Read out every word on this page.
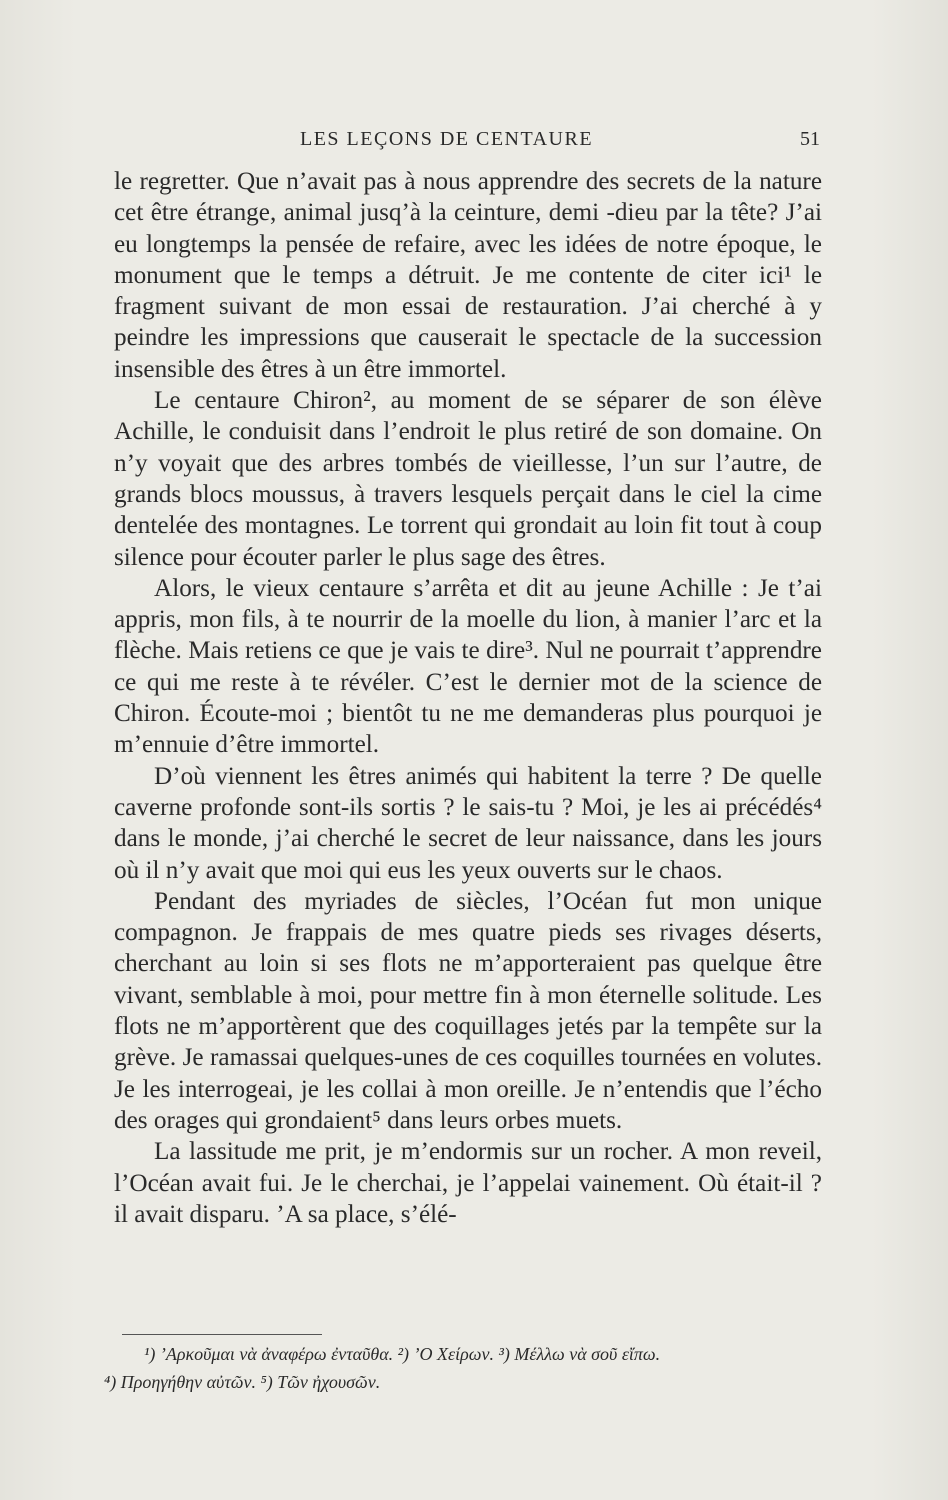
LES LEÇONS DE CENTAURE	51

le regretter. Que n’avait pas à nous apprendre des secrets de la nature cet être étrange, animal jusq’à la ceinture, demi -dieu par la tête? J’ai eu longtemps la pensée de refaire, avec les idées de notre époque, le monument que le temps a détruit. Je me contente de citer ici¹ le fragment suivant de mon essai de restauration. J’ai cherché à y peindre les impressions que causerait le spectacle de la succession insensible des êtres à un être immortel.

Le centaure Chiron², au moment de se séparer de son élève Achille, le conduisit dans l’endroit le plus retiré de son domaine. On n’y voyait que des arbres tombés de vieillesse, l’un sur l’autre, de grands blocs moussus, à travers lesquels perçait dans le ciel la cime dentelée des montagnes. Le torrent qui grondait au loin fit tout à coup silence pour écouter parler le plus sage des êtres.

Alors, le vieux centaure s’arrêta et dit au jeune Achille : Je t’ai appris, mon fils, à te nourrir de la moelle du lion, à manier l’arc et la flèche. Mais retiens ce que je vais te dire³. Nul ne pourrait t’apprendre ce qui me reste à te révéler. C’est le dernier mot de la science de Chiron. Écoute-moi ; bientôt tu ne me demanderas plus pourquoi je m’ennuie d’être immortel.

D’où viennent les êtres animés qui habitent la terre ? De quelle caverne profonde sont-ils sortis ? le sais-tu ? Moi, je les ai précédés⁴ dans le monde, j’ai cherché le secret de leur naissance, dans les jours où il n’y avait que moi qui eus les yeux ouverts sur le chaos.

Pendant des myriades de siècles, l’Océan fut mon unique compagnon. Je frappais de mes quatre pieds ses rivages déserts, cherchant au loin si ses flots ne m’apporteraient pas quelque être vivant, semblable à moi, pour mettre fin à mon éternelle solitude. Les flots ne m’apportèrent que des coquillages jetés par la tempête sur la grève. Je ramassai quelques-unes de ces coquilles tournées en volutes. Je les interrogeai, je les collai à mon oreille. Je n’entendis que l’écho des orages qui grondaient⁵ dans leurs orbes muets.

La lassitude me prit, je m’endormis sur un rocher. A mon reveil, l’Océan avait fui. Je le cherchai, je l’appelai vainement. Où était-il ? il avait disparu. ’A sa place, s’élé-

¹) ’Αρκοῦμαι νὰ ἀναφέρω ἐνταῦθα. ²) ’Ο Χείρων. ³) Μέλλω νὰ σοῦ εἴπω.

⁴) Προηγήθην αὐτῶν. ⁵) Τῶν ἠχουσῶν.
